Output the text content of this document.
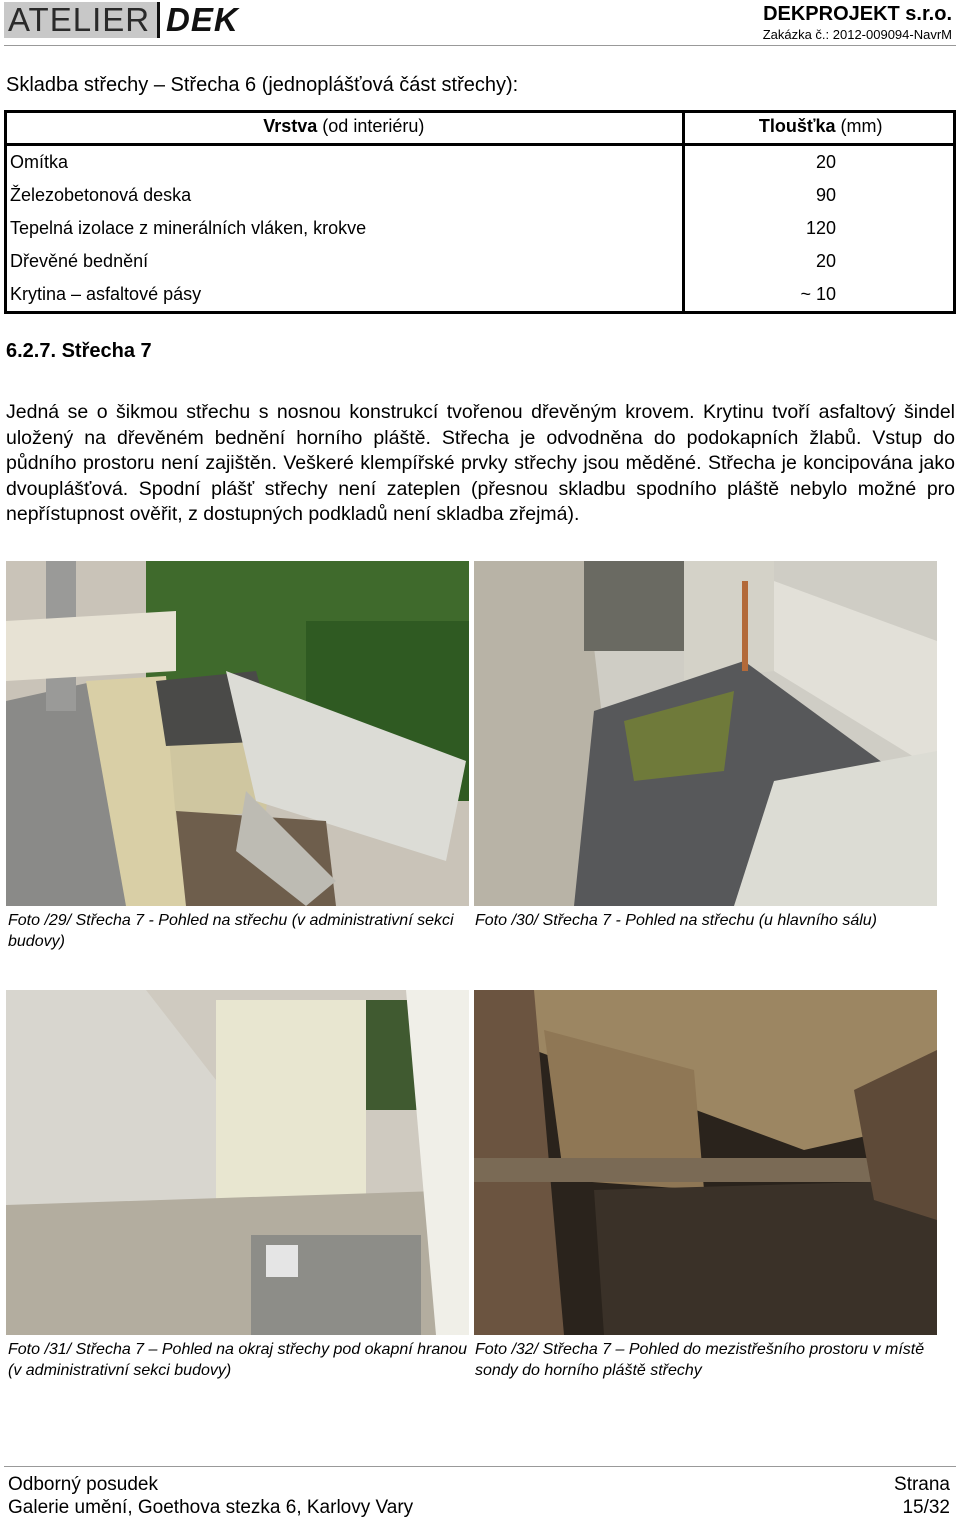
ATELIER DEK	DEKPROJEKT s.r.o.
Zakázka č.: 2012-009094-NavrM
Skladba střechy – Střecha 6 (jednoplášťová část střechy):
Vrstva (od interiéru)	Tloušťka (mm)
Omítka	20
Železobetonová deska	90
Tepelná izolace z minerálních vláken, krokve	120
Dřevěné bednění	20
Krytina – asfaltové pásy	~ 10
6.2.7. Střecha 7
Jedná se o šikmou střechu s nosnou konstrukcí tvořenou dřevěným krovem. Krytinu tvoří asfaltový šindel uložený na dřevěném bednění horního pláště. Střecha je odvodněna do podokapních žlabů. Vstup do půdního prostoru není zajištěn. Veškeré klempířské prvky střechy jsou měděné. Střecha je koncipována jako dvouplášťová. Spodní plášť střechy není zateplen (přesnou skladbu spodního pláště nebylo možné pro nepřístupnost ověřit, z dostupných podkladů není skladba zřejmá).
Foto /29/ Střecha 7 - Pohled na střechu (v administrativní sekci budovy)
Foto /30/ Střecha 7 - Pohled na střechu (u hlavního sálu)
Foto /31/ Střecha 7 – Pohled na okraj střechy pod okapní hranou (v administrativní sekci budovy)
Foto /32/ Střecha 7 – Pohled do mezistřešního prostoru v místě sondy do horního pláště střechy
Odborný posudek
Galerie umění, Goethova stezka 6, Karlovy Vary
Strana
15/32
